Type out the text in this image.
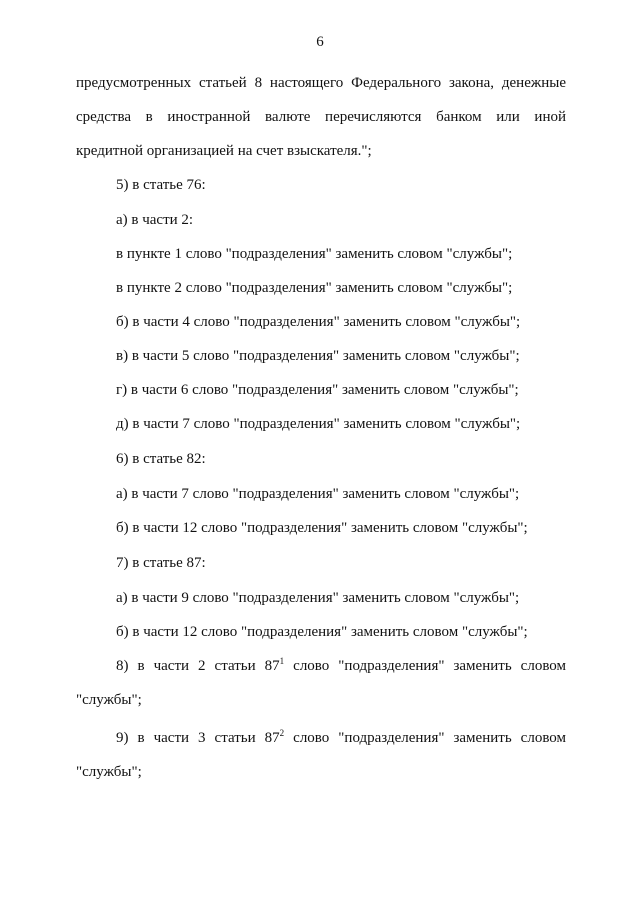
6
предусмотренных статьей 8 настоящего Федерального закона, денежные
средства в иностранной валюте перечисляются банком или иной
кредитной организацией на счет взыскателя.";
5) в статье 76:
а) в части 2:
в пункте 1 слово "подразделения" заменить словом "службы";
в пункте 2 слово "подразделения" заменить словом "службы";
б) в части 4 слово "подразделения" заменить словом "службы";
в) в части 5 слово "подразделения" заменить словом "службы";
г) в части 6 слово "подразделения" заменить словом "службы";
д) в части 7 слово "подразделения" заменить словом "службы";
6) в статье 82:
а) в части 7 слово "подразделения" заменить словом "службы";
б) в части 12 слово "подразделения" заменить словом "службы";
7) в статье 87:
а) в части 9 слово "подразделения" заменить словом "службы";
б) в части 12 слово "подразделения" заменить словом "службы";
8) в части 2 статьи $87^1$ слово "подразделения" заменить словом
"службы";
9) в части 3 статьи $87^2$ слово "подразделения" заменить словом
"службы";
